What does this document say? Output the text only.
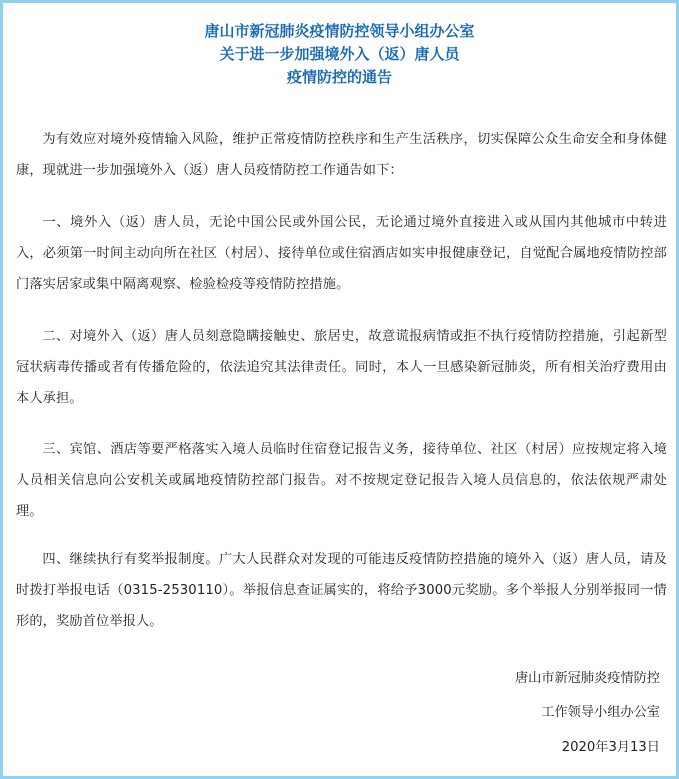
唐山市新冠肺炎疫情防控领导小组办公室
关于进一步加强境外入（返）唐人员
疫情防控的通告

为有效应对境外疫情输入风险，维护正常疫情防控秩序和生产生活秩序，切实保障公众生命安全和身体健康，现就进一步加强境外入（返）唐人员疫情防控工作通告如下：

一、境外入（返）唐人员，无论中国公民或外国公民，无论通过境外直接进入或从国内其他城市中转进入，必须第一时间主动向所在社区（村居）、接待单位或住宿酒店如实申报健康登记，自觉配合属地疫情防控部门落实居家或集中隔离观察、检验检疫等疫情防控措施。

二、对境外入（返）唐人员刻意隐瞒接触史、旅居史，故意谎报病情或拒不执行疫情防控措施，引起新型冠状病毒传播或者有传播危险的，依法追究其法律责任。同时，本人一旦感染新冠肺炎，所有相关治疗费用由本人承担。

三、宾馆、酒店等要严格落实入境人员临时住宿登记报告义务，接待单位、社区（村居）应按规定将入境人员相关信息向公安机关或属地疫情防控部门报告。对不按规定登记报告入境人员信息的，依法依规严肃处理。

四、继续执行有奖举报制度。广大人民群众对发现的可能违反疫情防控措施的境外入（返）唐人员，请及时拨打举报电话（0315-2530110）。举报信息查证属实的，将给予3000元奖励。多个举报人分别举报同一情形的，奖励首位举报人。

唐山市新冠肺炎疫情防控
工作领导小组办公室
2020年3月13日
